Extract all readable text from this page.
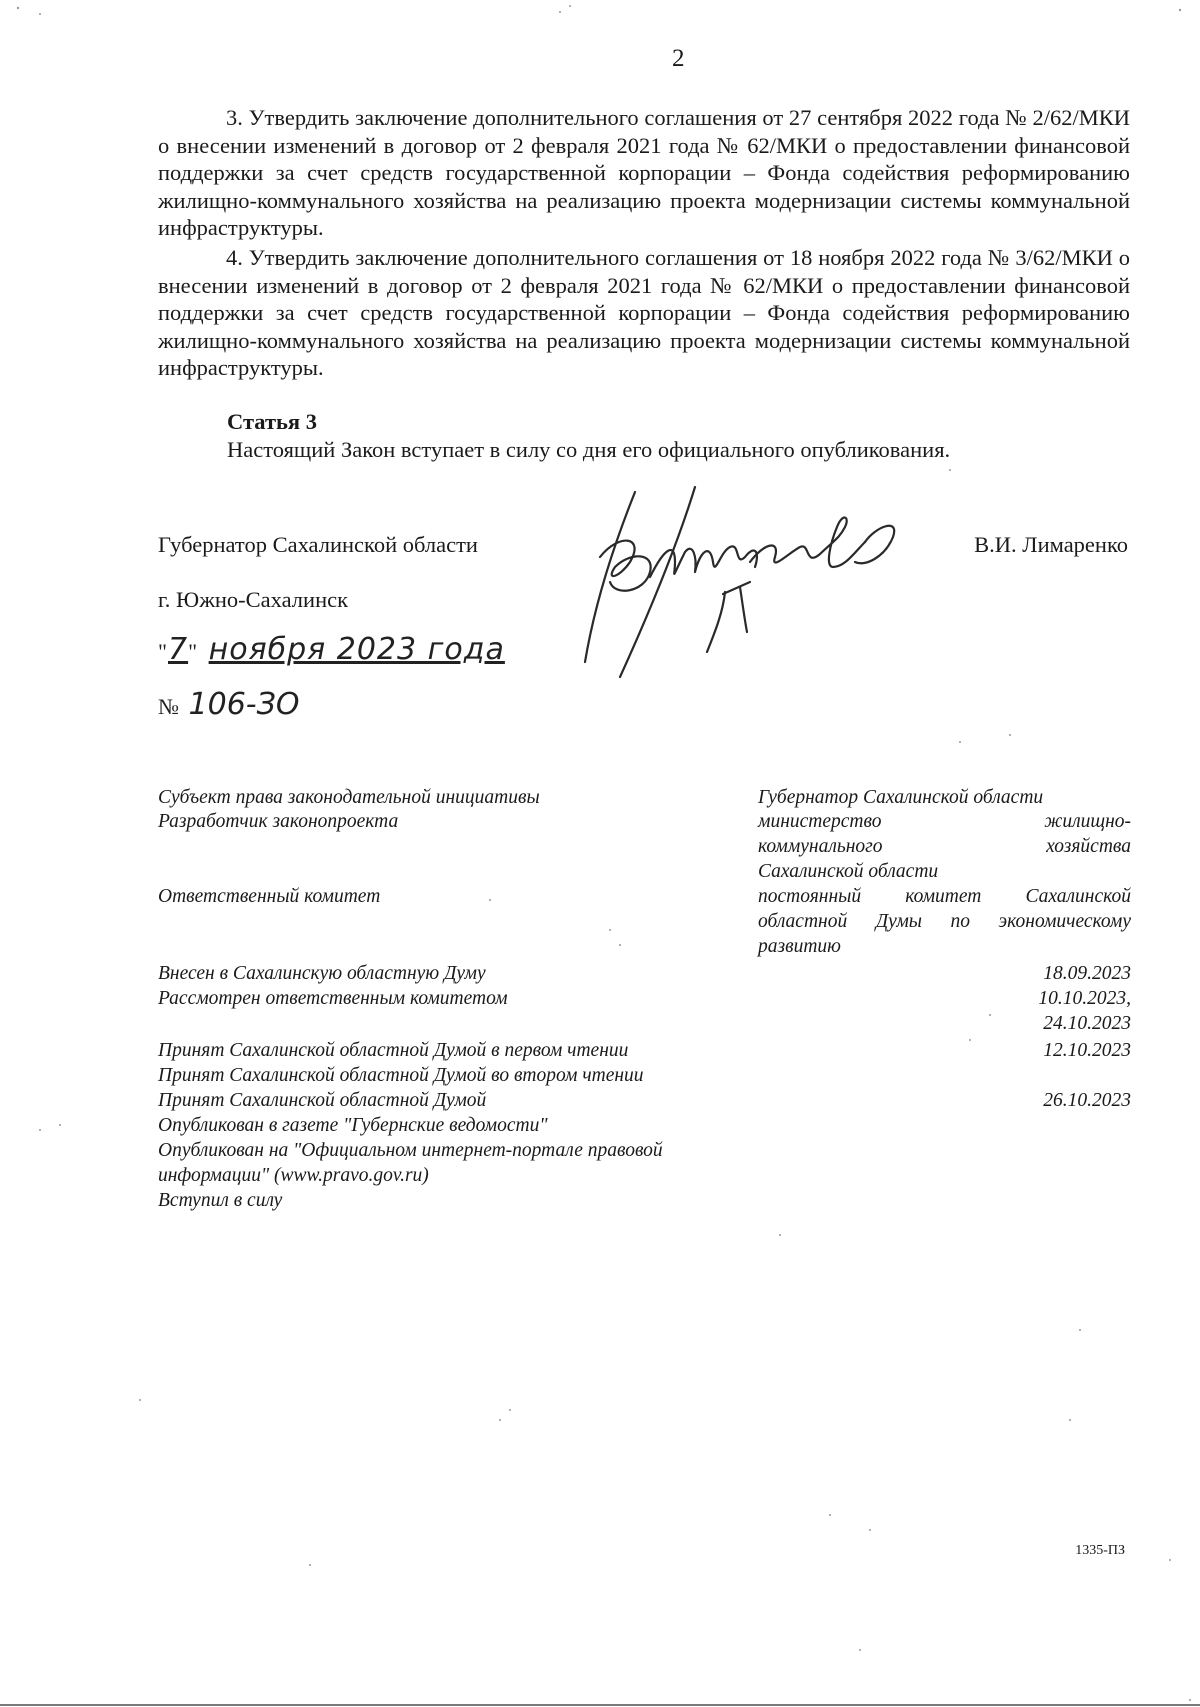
2
3. Утвердить заключение дополнительного соглашения от 27 сентября 2022 года № 2/62/МКИ о внесении изменений в договор от 2 февраля 2021 года № 62/МКИ о предоставлении финансовой поддержки за счет средств государственной корпорации – Фонда содействия реформированию жилищно-коммунального хозяйства на реализацию проекта модернизации системы коммунальной инфраструктуры.
4. Утвердить заключение дополнительного соглашения от 18 ноября 2022 года № 3/62/МКИ о внесении изменений в договор от 2 февраля 2021 года № 62/МКИ о предоставлении финансовой поддержки за счет средств государственной корпорации – Фонда содействия реформированию жилищно-коммунального хозяйства на реализацию проекта модернизации системы коммунальной инфраструктуры.
Статья 3
Настоящий Закон вступает в силу со дня его официального опубликования.
Губернатор Сахалинской области	В.И. Лимаренко
г. Южно-Сахалинск
"7" ноября 2023 года
№ 106-ЗО
Субъект права законодательной инициативы	Губернатор Сахалинской области
Разработчик законопроекта	министерство жилищно-
коммунального хозяйства
Сахалинской области
Ответственный комитет	постоянный комитет Сахалинской
областной Думы по экономическому
развитию
Внесен в Сахалинскую областную Думу	18.09.2023
Рассмотрен ответственным комитетом	10.10.2023,
24.10.2023
Принят Сахалинской областной Думой в первом чтении	12.10.2023
Принят Сахалинской областной Думой во втором чтении
Принят Сахалинской областной Думой	26.10.2023
Опубликован в газете "Губернские ведомости"
Опубликован на "Официальном интернет-портале правовой
информации" (www.pravo.gov.ru)
Вступил в силу
1335-ПЗ
